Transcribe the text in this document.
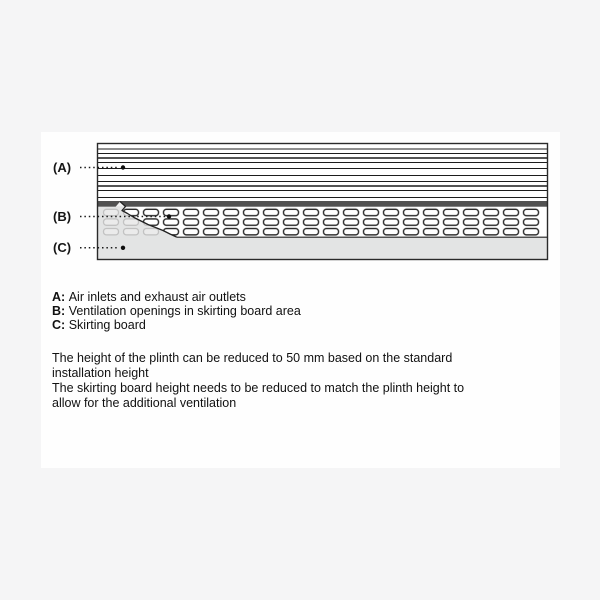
(A)
(B)
(C)
A: Air inlets and exhaust air outlets
B: Ventilation openings in skirting board area
C: Skirting board
The height of the plinth can be reduced to 50 mm based on the standard
installation height
The skirting board height needs to be reduced to match the plinth height to
allow for the additional ventilation
